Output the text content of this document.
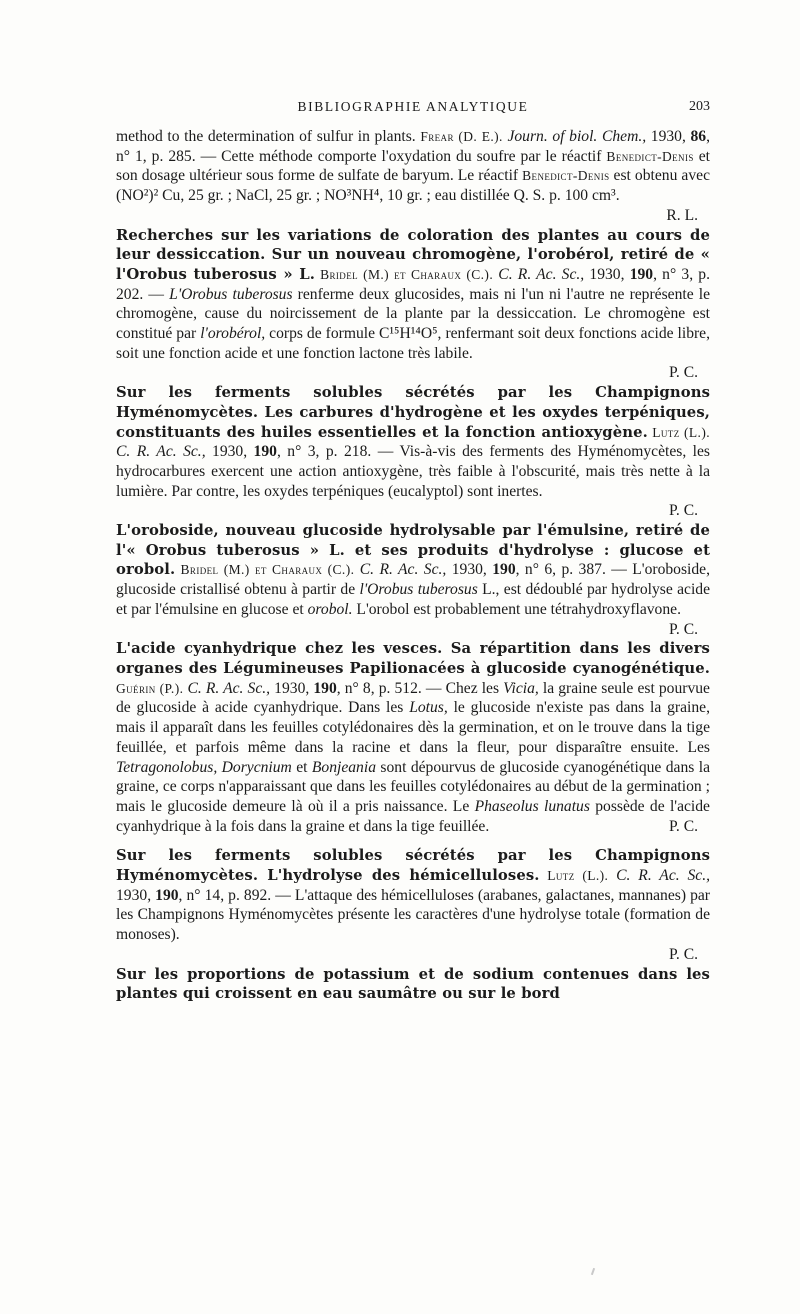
BIBLIOGRAPHIE ANALYTIQUE	203

method to the determination of sulfur in plants. Frear (D. E.). Journ. of biol. Chem., 1930, 86, n° 1, p. 285. — Cette méthode comporte l'oxydation du soufre par le réactif Benedict-Denis et son dosage ultérieur sous forme de sulfate de baryum. Le réactif Benedict-Denis est obtenu avec (NO²)² Cu, 25 gr. ; NaCl, 25 gr. ; NO³NH⁴, 10 gr. ; eau distillée Q. S. p. 100 cm³.

R. L.

Recherches sur les variations de coloration des plantes au cours de leur dessiccation. Sur un nouveau chromogène, l'orobérol, retiré de « l'Orobus tuberosus » L. Bridel (M.) et Charaux (C.). C. R. Ac. Sc., 1930, 190, n° 3, p. 202. — L'Orobus tuberosus renferme deux glucosides, mais ni l'un ni l'autre ne représente le chromogène, cause du noircissement de la plante par la dessiccation. Le chromogène est constitué par l'orobérol, corps de formule C¹⁵H¹⁴O⁵, renfermant soit deux fonctions acide libre, soit une fonction acide et une fonction lactone très labile.

P. C.

Sur les ferments solubles sécrétés par les Champignons Hyménomycètes. Les carbures d'hydrogène et les oxydes terpéniques, constituants des huiles essentielles et la fonction antioxygène. Lutz (L.). C. R. Ac. Sc., 1930, 190, n° 3, p. 218. — Vis-à-vis des ferments des Hyménomycètes, les hydrocarbures exercent une action antioxygène, très faible à l'obscurité, mais très nette à la lumière. Par contre, les oxydes terpéniques (eucalyptol) sont inertes.

P. C.

L'oroboside, nouveau glucoside hydrolysable par l'émulsine, retiré de l'« Orobus tuberosus » L. et ses produits d'hydrolyse : glucose et orobol. Bridel (M.) et Charaux (C.). C. R. Ac. Sc., 1930, 190, n° 6, p. 387. — L'oroboside, glucoside cristallisé obtenu à partir de l'Orobus tuberosus L., est dédoublé par hydrolyse acide et par l'émulsine en glucose et orobol. L'orobol est probablement une tétrahydroxyflavone.

P. C.

L'acide cyanhydrique chez les vesces. Sa répartition dans les divers organes des Légumineuses Papilionacées à glucoside cyanogénétique. Guérin (P.). C. R. Ac. Sc., 1930, 190, n° 8, p. 512. — Chez les Vicia, la graine seule est pourvue de glucoside à acide cyanhydrique. Dans les Lotus, le glucoside n'existe pas dans la graine, mais il apparaît dans les feuilles cotylédonaires dès la germination, et on le trouve dans la tige feuillée, et parfois même dans la racine et dans la fleur, pour disparaître ensuite. Les Tetragonolobus, Dorycnium et Bonjeania sont dépourvus de glucoside cyanogénétique dans la graine, ce corps n'apparaissant que dans les feuilles cotylédonaires au début de la germination ; mais le glucoside demeure là où il a pris naissance. Le Phaseolus lunatus possède de l'acide cyanhydrique à la fois dans la graine et dans la tige feuillée.	P. C.

Sur les ferments solubles sécrétés par les Champignons Hyménomycètes. L'hydrolyse des hémicelluloses. Lutz (L.). C. R. Ac. Sc., 1930, 190, n° 14, p. 892. — L'attaque des hémicelluloses (arabanes, galactanes, mannanes) par les Champignons Hyménomycètes présente les caractères d'une hydrolyse totale (formation de monoses).

P. C.

Sur les proportions de potassium et de sodium contenues dans les plantes qui croissent en eau saumâtre ou sur le bord
